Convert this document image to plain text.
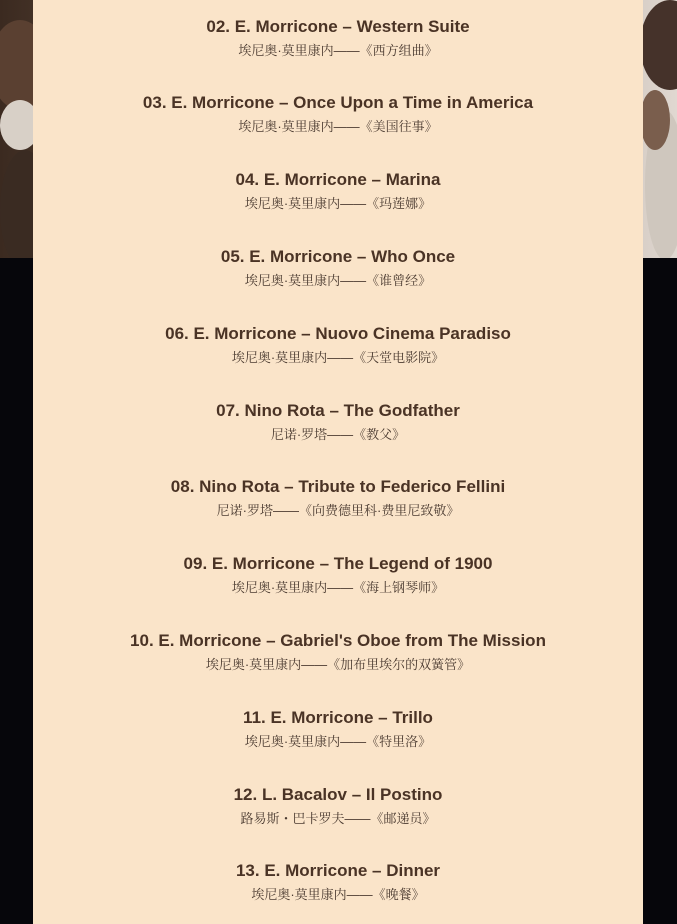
02. E. Morricone – Western Suite
埃尼奥·莫里康内——《西方组曲》
03. E. Morricone – Once Upon a Time in America
埃尼奥·莫里康内——《美国往事》
04. E. Morricone – Marina
埃尼奥·莫里康内——《玛莲娜》
05. E. Morricone – Who Once
埃尼奥·莫里康内——《谁曾经》
06. E. Morricone – Nuovo Cinema Paradiso
埃尼奥·莫里康内——《天堂电影院》
07. Nino Rota – The Godfather
尼诺·罗塔——《教父》
08. Nino Rota – Tribute to Federico Fellini
尼诺·罗塔——《向费德里科·费里尼致敬》
09. E. Morricone – The Legend of 1900
埃尼奥·莫里康内——《海上钢琴师》
10. E. Morricone – Gabriel's Oboe from The Mission
埃尼奥·莫里康内——《加布里埃尔的双簧管》
11. E. Morricone – Trillo
埃尼奥·莫里康内——《特里洛》
12. L. Bacalov – Il Postino
路易斯・巴卡罗夫——《邮递员》
13. E. Morricone – Dinner
埃尼奥·莫里康内——《晚餐》
